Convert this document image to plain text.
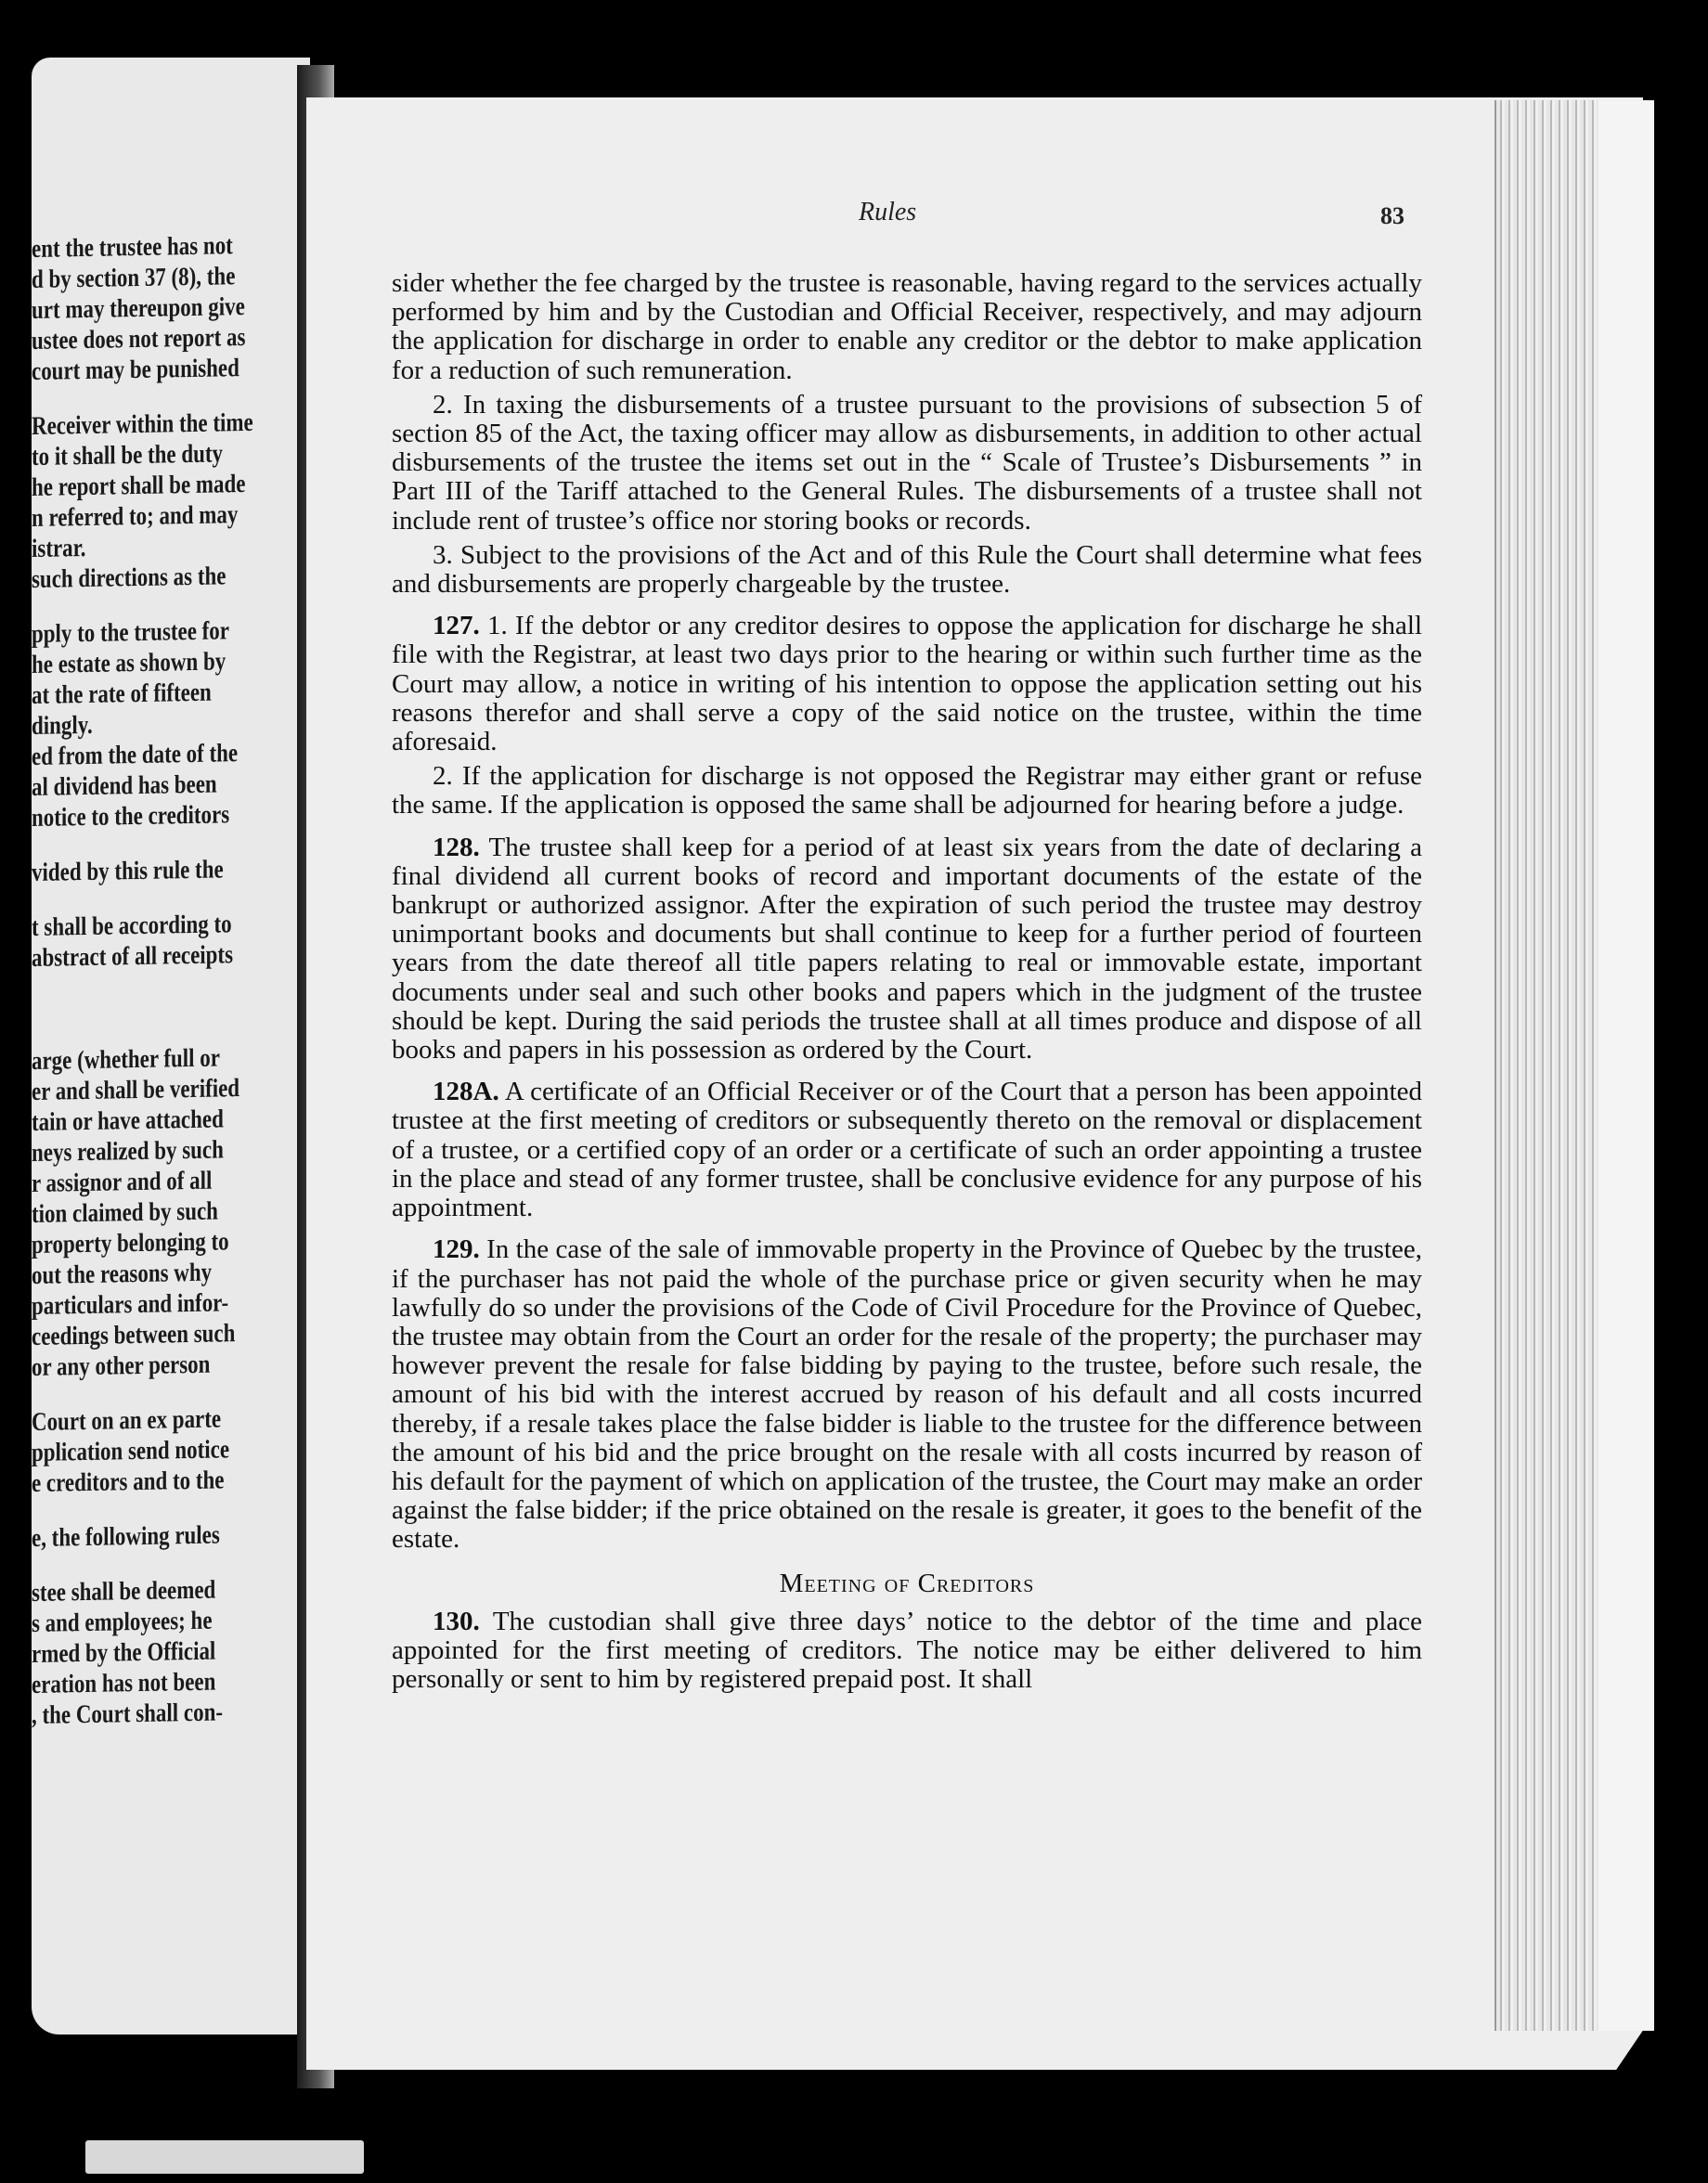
ent the trustee has not
d by section 37 (8), the
urt may thereupon give
ustee does not report as
court may be punished
Receiver within the time
to it shall be the duty
he report shall be made
n referred to; and may
istrar.
such directions as the
pply to the trustee for
he estate as shown by
at the rate of fifteen
dingly.
ed from the date of the
al dividend has been
notice to the creditors
vided by this rule the
t shall be according to
abstract of all receipts
arge (whether full or
er and shall be verified
tain or have attached
neys realized by such
r assignor and of all
tion claimed by such
property belonging to
out the reasons why
particulars and infor-
ceedings between such
or any other person
Court on an ex parte
pplication send notice
e creditors and to the
e, the following rules
stee shall be deemed
s and employees; he
rmed by the Official
eration has not been
, the Court shall con-
Rules	83

sider whether the fee charged by the trustee is reasonable, having regard to the services actually performed by him and by the Custodian and Official Receiver, respectively, and may adjourn the application for discharge in order to enable any creditor or the debtor to make application for a reduction of such remuneration.

2. In taxing the disbursements of a trustee pursuant to the provisions of subsection 5 of section 85 of the Act, the taxing officer may allow as disbursements, in addition to other actual disbursements of the trustee the items set out in the “ Scale of Trustee’s Disbursements ” in Part III of the Tariff attached to the General Rules. The disbursements of a trustee shall not include rent of trustee’s office nor storing books or records.

3. Subject to the provisions of the Act and of this Rule the Court shall determine what fees and disbursements are properly chargeable by the trustee.

127. 1. If the debtor or any creditor desires to oppose the application for discharge he shall file with the Registrar, at least two days prior to the hearing or within such further time as the Court may allow, a notice in writing of his intention to oppose the application setting out his reasons therefor and shall serve a copy of the said notice on the trustee, within the time aforesaid.

2. If the application for discharge is not opposed the Registrar may either grant or refuse the same. If the application is opposed the same shall be adjourned for hearing before a judge.

128. The trustee shall keep for a period of at least six years from the date of declaring a final dividend all current books of record and important documents of the estate of the bankrupt or authorized assignor. After the expiration of such period the trustee may destroy unimportant books and documents but shall continue to keep for a further period of fourteen years from the date thereof all title papers relating to real or immovable estate, important documents under seal and such other books and papers which in the judgment of the trustee should be kept. During the said periods the trustee shall at all times produce and dispose of all books and papers in his possession as ordered by the Court.

128A. A certificate of an Official Receiver or of the Court that a person has been appointed trustee at the first meeting of creditors or subsequently thereto on the removal or displacement of a trustee, or a certified copy of an order or a certificate of such an order appointing a trustee in the place and stead of any former trustee, shall be conclusive evidence for any purpose of his appointment.

129. In the case of the sale of immovable property in the Province of Quebec by the trustee, if the purchaser has not paid the whole of the purchase price or given security when he may lawfully do so under the provisions of the Code of Civil Procedure for the Province of Quebec, the trustee may obtain from the Court an order for the resale of the property; the purchaser may however prevent the resale for false bidding by paying to the trustee, before such resale, the amount of his bid with the interest accrued by reason of his default and all costs incurred thereby, if a resale takes place the false bidder is liable to the trustee for the difference between the amount of his bid and the price brought on the resale with all costs incurred by reason of his default for the payment of which on application of the trustee, the Court may make an order against the false bidder; if the price obtained on the resale is greater, it goes to the benefit of the estate.

Meeting of Creditors

130. The custodian shall give three days’ notice to the debtor of the time and place appointed for the first meeting of creditors. The notice may be either delivered to him personally or sent to him by registered prepaid post. It shall
